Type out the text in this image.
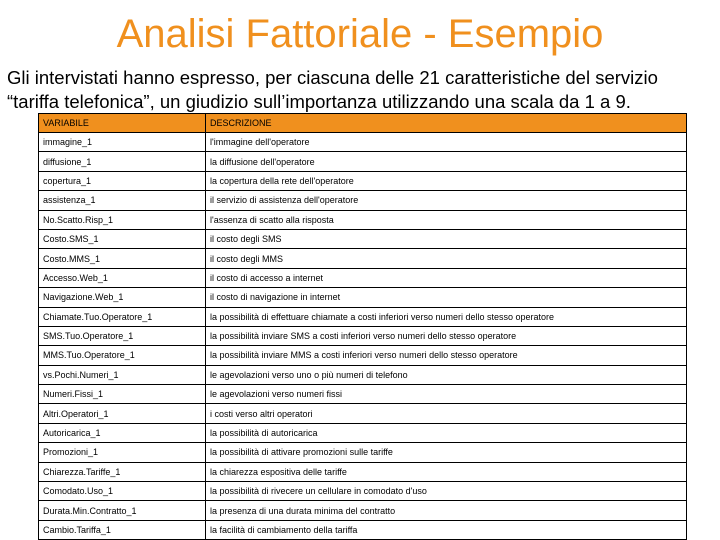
Analisi Fattoriale - Esempio
Gli intervistati hanno espresso, per ciascuna delle 21 caratteristiche del servizio
“tariffa telefonica”, un giudizio sull’importanza utilizzando una scala da 1 a 9.
VARIABILE	DESCRIZIONE
immagine_1	l'immagine dell'operatore
diffusione_1	la diffusione dell'operatore
copertura_1	la copertura della rete dell'operatore
assistenza_1	il servizio di assistenza dell'operatore
No.Scatto.Risp_1	l'assenza di scatto alla risposta
Costo.SMS_1	il costo degli SMS
Costo.MMS_1	il costo degli MMS
Accesso.Web_1	il costo di accesso a internet
Navigazione.Web_1	il costo di navigazione in internet
Chiamate.Tuo.Operatore_1	la possibilità di effettuare chiamate a costi inferiori verso numeri dello stesso operatore
SMS.Tuo.Operatore_1	la possibilità inviare SMS a costi inferiori verso numeri dello stesso operatore
MMS.Tuo.Operatore_1	la possibilità inviare MMS a costi inferiori verso numeri dello stesso operatore
vs.Pochi.Numeri_1	le agevolazioni verso uno o più numeri di telefono
Numeri.Fissi_1	le agevolazioni verso numeri fissi
Altri.Operatori_1	i costi verso altri operatori
Autoricarica_1	la possibilità di autoricarica
Promozioni_1	la possibilità di attivare promozioni sulle tariffe
Chiarezza.Tariffe_1	la chiarezza espositiva delle tariffe
Comodato.Uso_1	la possibilità di rivecere un cellulare in comodato d'uso
Durata.Min.Contratto_1	la presenza di una durata minima del contratto
Cambio.Tariffa_1	la facilità di cambiamento della tariffa
